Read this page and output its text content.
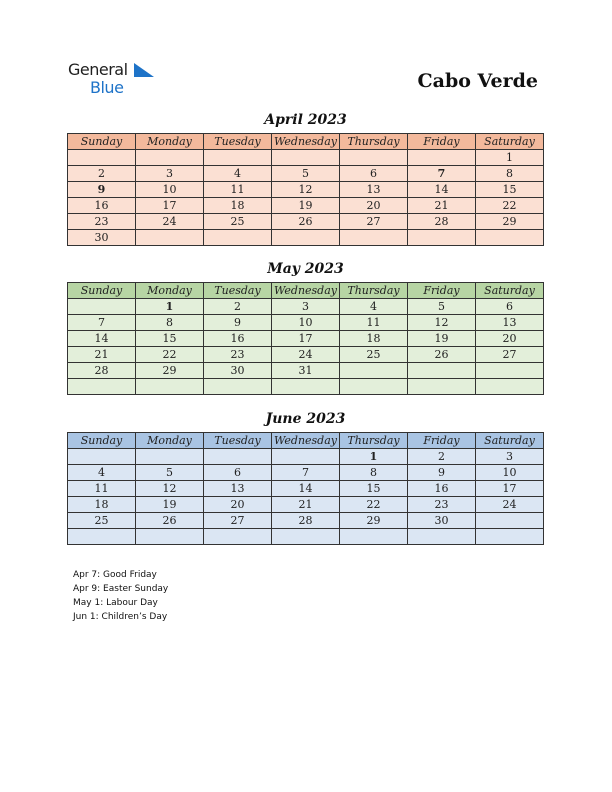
General
Blue	Cabo Verde
April 2023
Sunday	Monday	Tuesday	Wednesday	Thursday	Friday	Saturday
						1
2	3	4	5	6	7	8
9	10	11	12	13	14	15
16	17	18	19	20	21	22
23	24	25	26	27	28	29
30						
May 2023
Sunday	Monday	Tuesday	Wednesday	Thursday	Friday	Saturday
	1	2	3	4	5	6
7	8	9	10	11	12	13
14	15	16	17	18	19	20
21	22	23	24	25	26	27
28	29	30	31			

June 2023
Sunday	Monday	Tuesday	Wednesday	Thursday	Friday	Saturday
				1	2	3
4	5	6	7	8	9	10
11	12	13	14	15	16	17
18	19	20	21	22	23	24
25	26	27	28	29	30	

Apr 7: Good Friday
Apr 9: Easter Sunday
May 1: Labour Day
Jun 1: Children’s Day
